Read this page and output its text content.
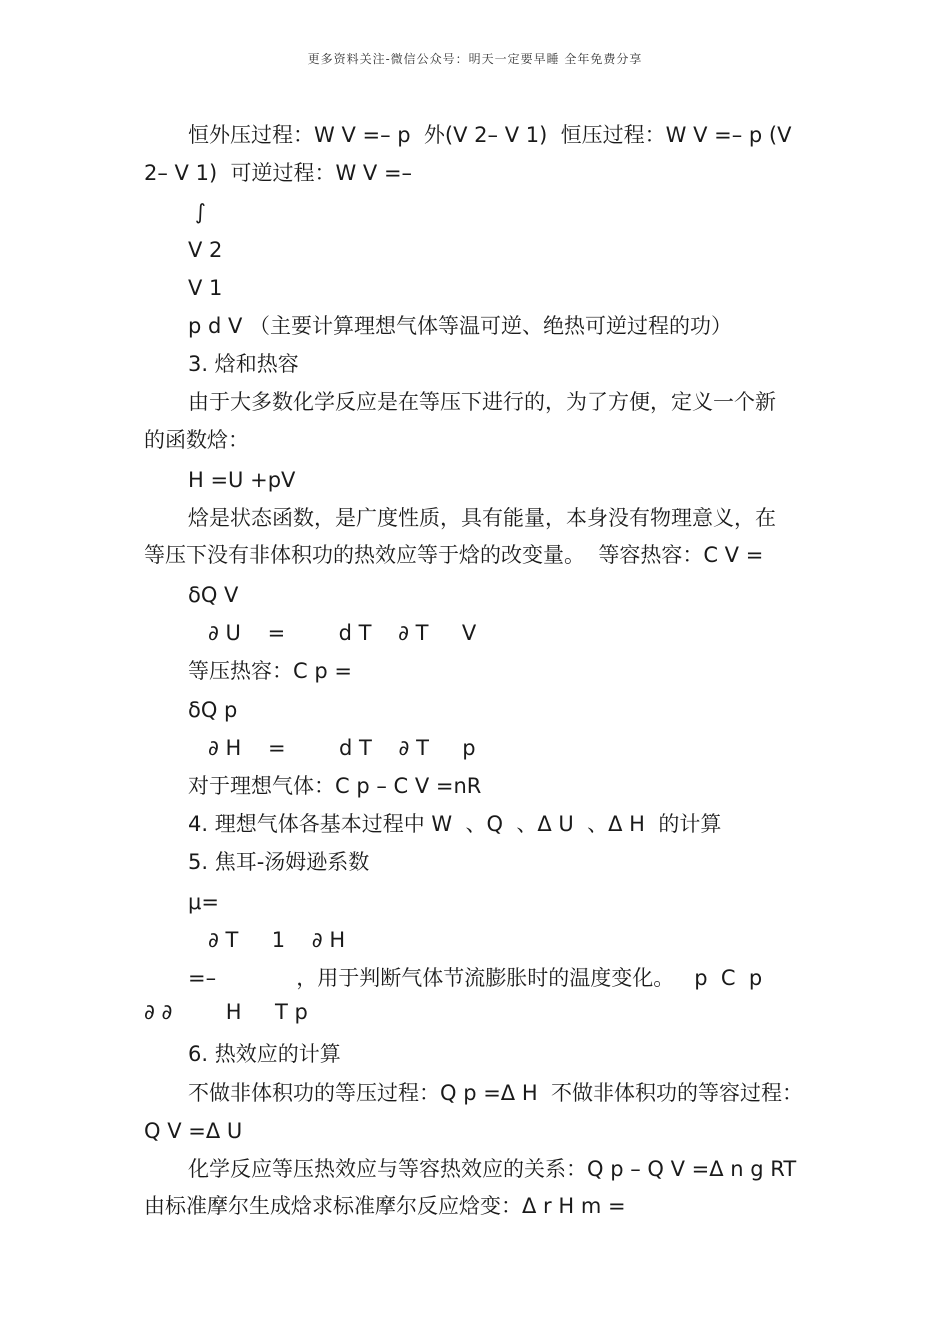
更多资料关注-微信公众号：明天一定要早睡 全年免费分享
恒外压过程：W V =– p  外(V 2– V 1)  恒压过程：W V =– p (V
2– V 1)  可逆过程：W V =–
∫
V 2
V 1
p d V （主要计算理想气体等温可逆、绝热可逆过程的功）
3. 焓和热容
由于大多数化学反应是在等压下进行的，为了方便，定义一个新
的函数焓：
H =U +pV
焓是状态函数，是广度性质，具有能量，本身没有物理意义，在
等压下没有非体积功的热效应等于焓的改变量。  等容热容：C V =
δQ V
∂ U    =        d T    ∂ T     V
等压热容：C p =
δQ p
∂ H    =        d T    ∂ T     p
对于理想气体：C p – C V =nR
4. 理想气体各基本过程中 W  、Q  、Δ U  、Δ H  的计算
5. 焦耳-汤姆逊系数
μ=
∂ T     1    ∂ H
=–            ，用于判断气体节流膨胀时的温度变化。   p  C  p
∂ ∂        H     T p
6. 热效应的计算
不做非体积功的等压过程：Q p =Δ H  不做非体积功的等容过程：
Q V =Δ U
化学反应等压热效应与等容热效应的关系：Q p – Q V =Δ n g RT
由标准摩尔生成焓求标准摩尔反应焓变：Δ r H m =
